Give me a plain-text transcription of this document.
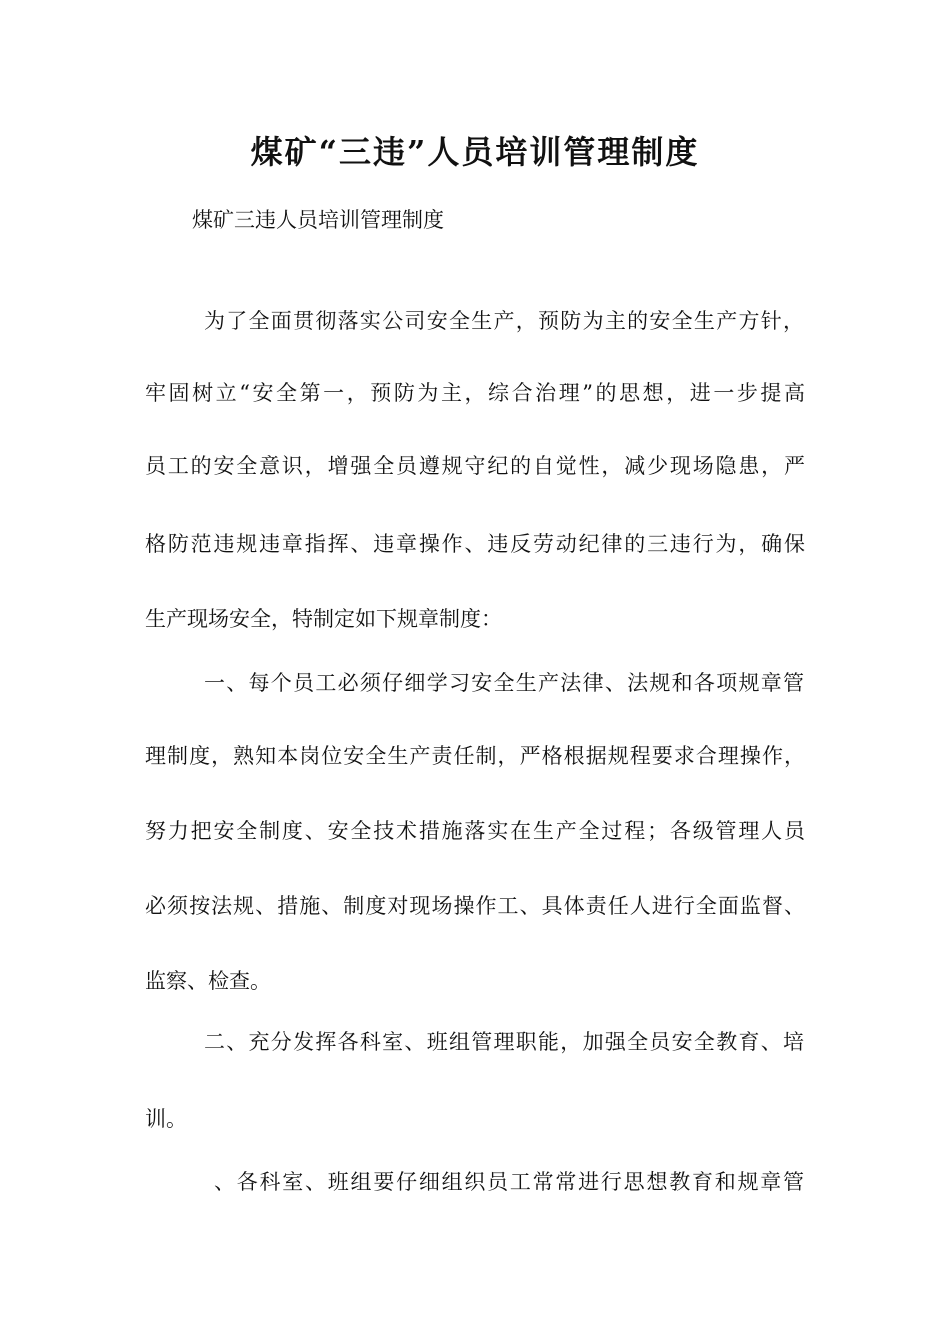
煤矿“三违”人员培训管理制度

煤矿三违人员培训管理制度

为了全面贯彻落实公司安全生产，预防为主的安全生产方针，

牢固树立“安全第一，预防为主，综合治理”的思想，进一步提高

员工的安全意识，增强全员遵规守纪的自觉性，减少现场隐患，严

格防范违规违章指挥、违章操作、违反劳动纪律的三违行为，确保

生产现场安全，特制定如下规章制度：

一、每个员工必须仔细学习安全生产法律、法规和各项规章管

理制度，熟知本岗位安全生产责任制，严格根据规程要求合理操作，

努力把安全制度、安全技术措施落实在生产全过程；各级管理人员

必须按法规、措施、制度对现场操作工、具体责任人进行全面监督、

监察、检查。

二、充分发挥各科室、班组管理职能，加强全员安全教育、培

训。

、各科室、班组要仔细组织员工常常进行思想教育和规章管
